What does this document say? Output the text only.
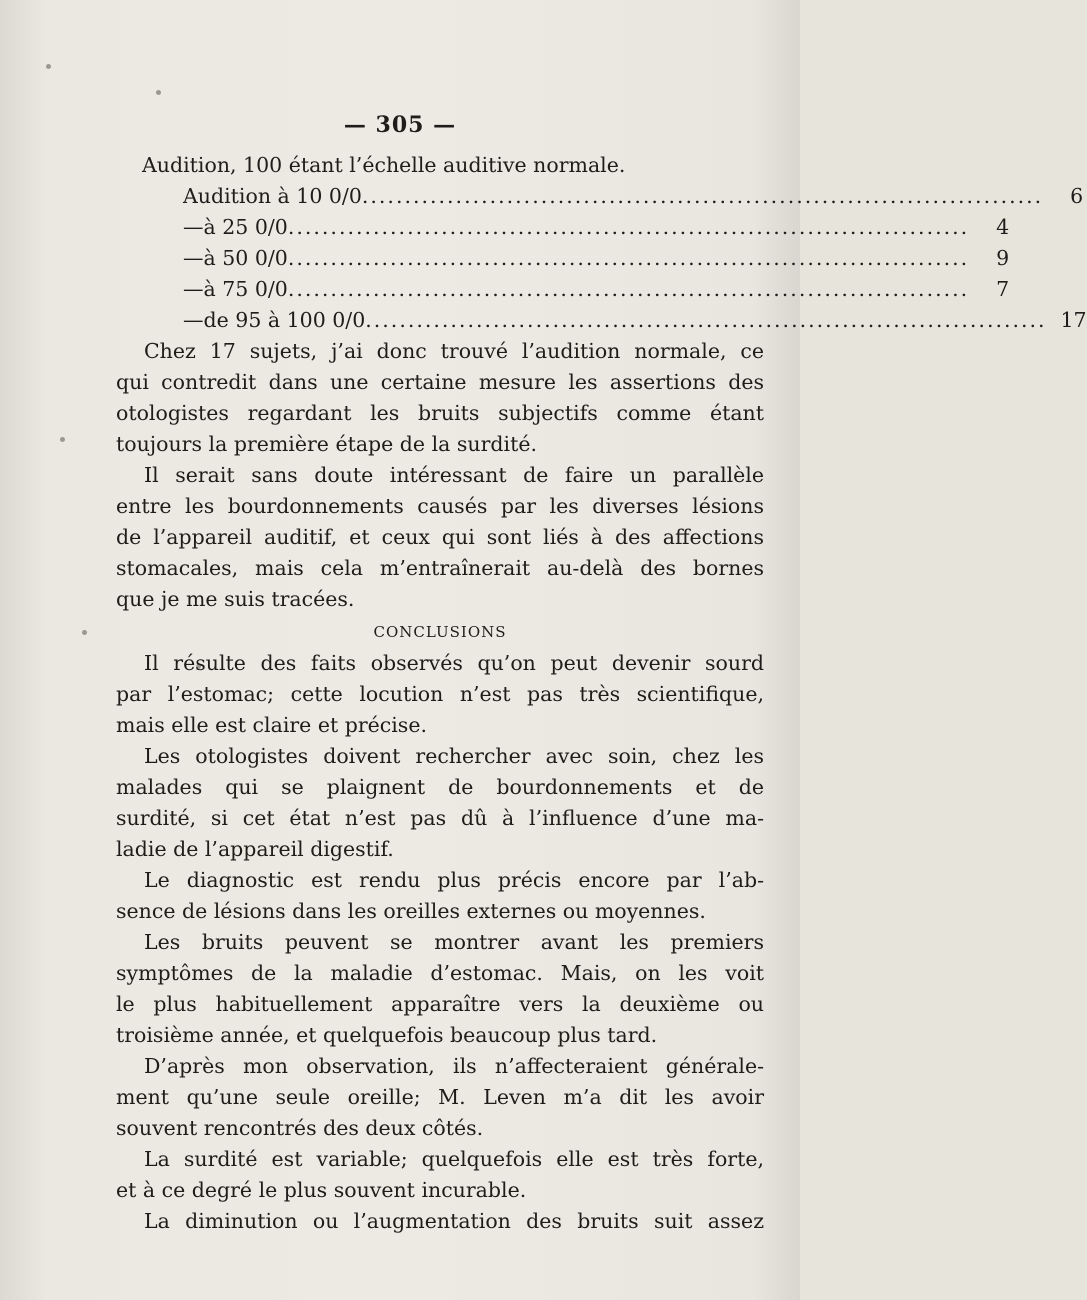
— 305 —
Audition, 100 étant l’échelle auditive normale.
Audition à 10 0/0 ................................................................................	6
— à 25 0/0 ................................................................................	4
— à 50 0/0 ................................................................................	9
— à 75 0/0 ................................................................................	7
— de 95 à 100 0/0 ................................................................................ 17
Chez 17 sujets, j’ai donc trouvé l’audition normale, ce
qui contredit dans une certaine mesure les assertions des
otologistes regardant les bruits subjectifs comme étant
toujours la première étape de la surdité.
Il serait sans doute intéressant de faire un parallèle
entre les bourdonnements causés par les diverses lésions
de l’appareil auditif, et ceux qui sont liés à des affections
stomacales, mais cela m’entraînerait au-delà des bornes
que je me suis tracées.
CONCLUSIONS
Il résulte des faits observés qu’on peut devenir sourd
par l’estomac; cette locution n’est pas très scientifique,
mais elle est claire et précise.
Les otologistes doivent rechercher avec soin, chez les
malades qui se plaignent de bourdonnements et de
surdité, si cet état n’est pas dû à l’influence d’une ma-
ladie de l’appareil digestif.
Le diagnostic est rendu plus précis encore par l’ab-
sence de lésions dans les oreilles externes ou moyennes.
Les bruits peuvent se montrer avant les premiers
symptômes de la maladie d’estomac. Mais, on les voit
le plus habituellement apparaître vers la deuxième ou
troisième année, et quelquefois beaucoup plus tard.
D’après mon observation, ils n’affecteraient générale-
ment qu’une seule oreille; M. Leven m’a dit les avoir
souvent rencontrés des deux côtés.
La surdité est variable; quelquefois elle est très forte,
et à ce degré le plus souvent incurable.
La diminution ou l’augmentation des bruits suit assez
